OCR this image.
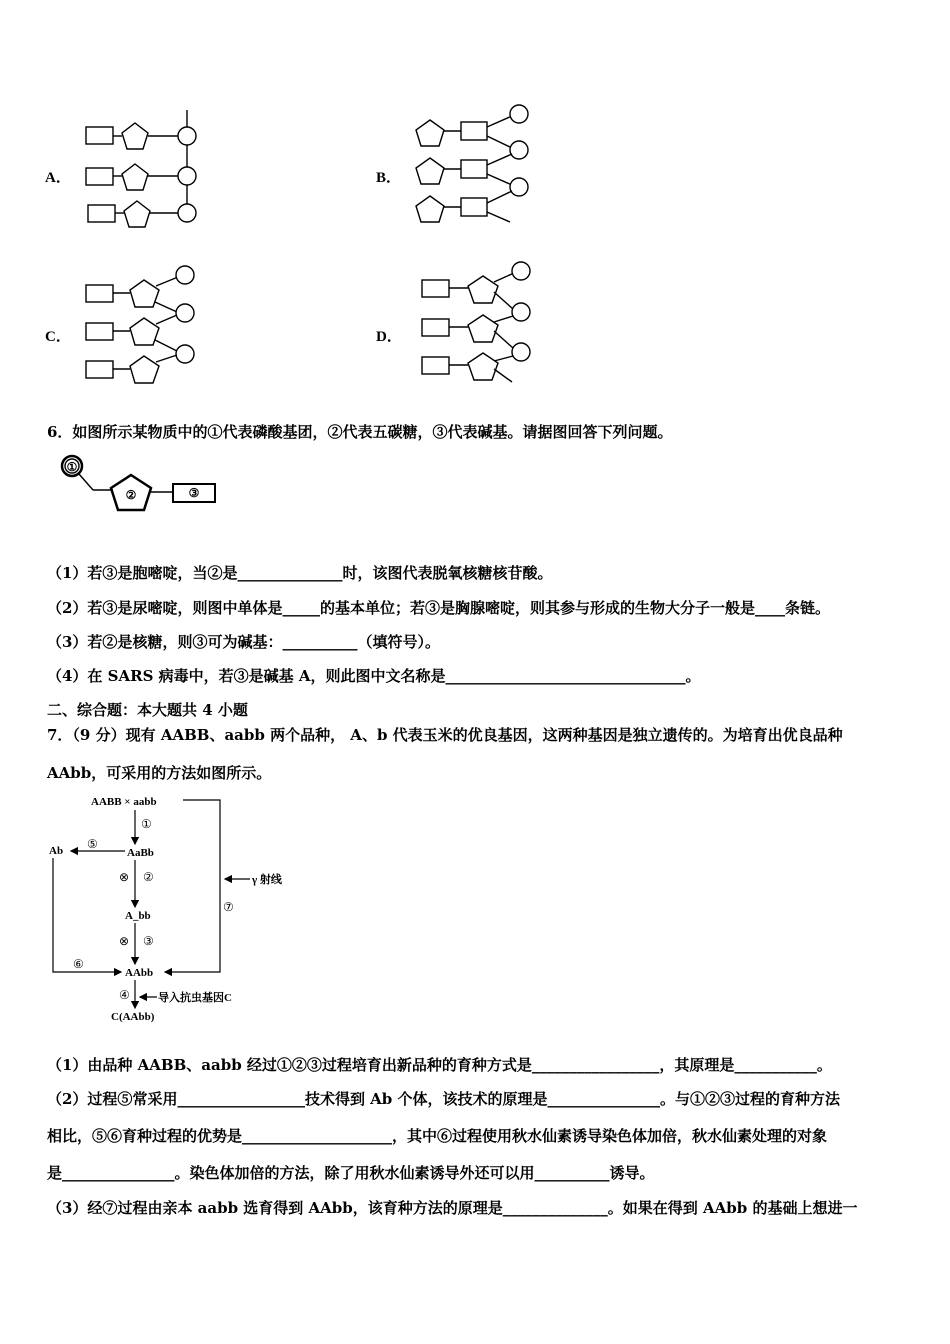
A．	B．
C．	D．
6．如图所示某物质中的①代表磷酸基团，②代表五碳糖，③代表碱基。请据图回答下列问题。
①
②	③
（1）若③是胞嘧啶，当②是______________时，该图代表脱氧核糖核苷酸。
（2）若③是尿嘧啶，则图中单体是_____的基本单位；若③是胸腺嘧啶，则其参与形成的生物大分子一般是____条链。
（3）若②是核糖，则③可为碱基：__________（填符号）。
（4）在 SARS 病毒中，若③是碱基 A，则此图中文名称是________________________________。
二、综合题：本大题共 4 小题
7．（9 分）现有 AABB、aabb 两个品种， A、b 代表玉米的优良基因，这两种基因是独立遗传的。为培育出优良品种
AAbb，可采用的方法如图所示。
AABB × aabb
AaBb
Ab
A_bb
AAbb
C(AAbb)
γ 射线
导入抗虫基因C
①
②
③
④
⑤
⑥
⑦
⊗
⊗
（1）由品种 AABB、aabb 经过①②③过程培育出新品种的育种方式是_________________，其原理是___________。
（2）过程⑤常采用_________________技术得到 Ab 个体，该技术的原理是_______________。与①②③过程的育种方法
相比，⑤⑥育种过程的优势是____________________，其中⑥过程使用秋水仙素诱导染色体加倍，秋水仙素处理的对象
是_______________。染色体加倍的方法，除了用秋水仙素诱导外还可以用__________诱导。
（3）经⑦过程由亲本 aabb 选育得到 AAbb，该育种方法的原理是______________。如果在得到 AAbb 的基础上想进一
